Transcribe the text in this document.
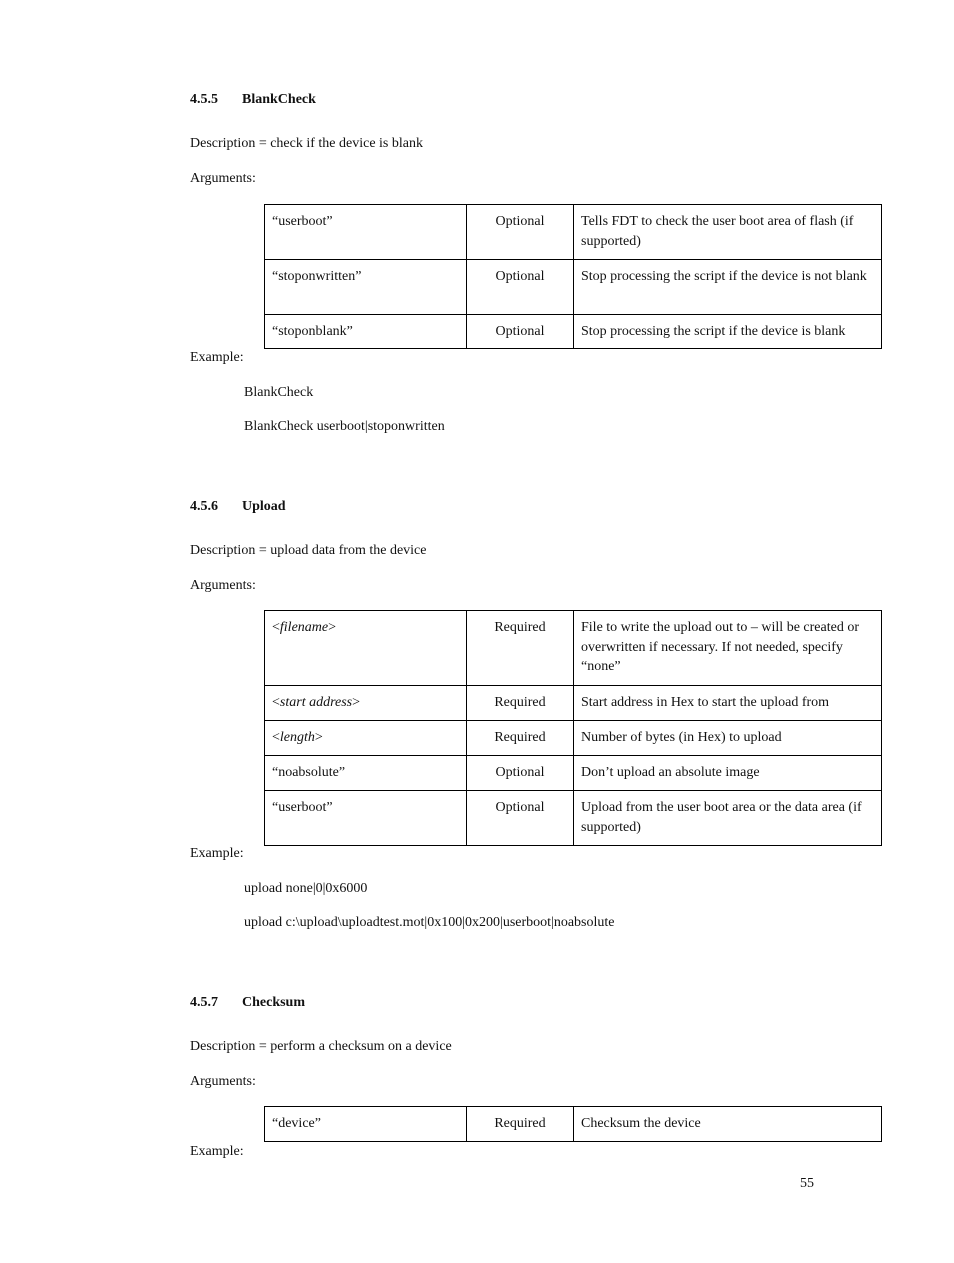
4.5.5 BlankCheck
Description = check if the device is blank
Arguments:
“userboot”	Optional	Tells FDT to check the user boot area of flash (if supported)
“stoponwritten”	Optional	Stop processing the script if the device is not blank
“stoponblank”	Optional	Stop processing the script if the device is blank
Example:
BlankCheck
BlankCheck userboot|stoponwritten
4.5.6 Upload
Description = upload data from the device
Arguments:
<filename>	Required	File to write the upload out to – will be created or overwritten if necessary. If not needed, specify “none”
<start address>	Required	Start address in Hex to start the upload from
<length>	Required	Number of bytes (in Hex) to upload
“noabsolute”	Optional	Don’t upload an absolute image
“userboot”	Optional	Upload from the user boot area or the data area (if supported)
Example:
upload none|0|0x6000
upload c:\upload\uploadtest.mot|0x100|0x200|userboot|noabsolute
4.5.7 Checksum
Description = perform a checksum on a device
Arguments:
“device”	Required	Checksum the device
Example:
55
